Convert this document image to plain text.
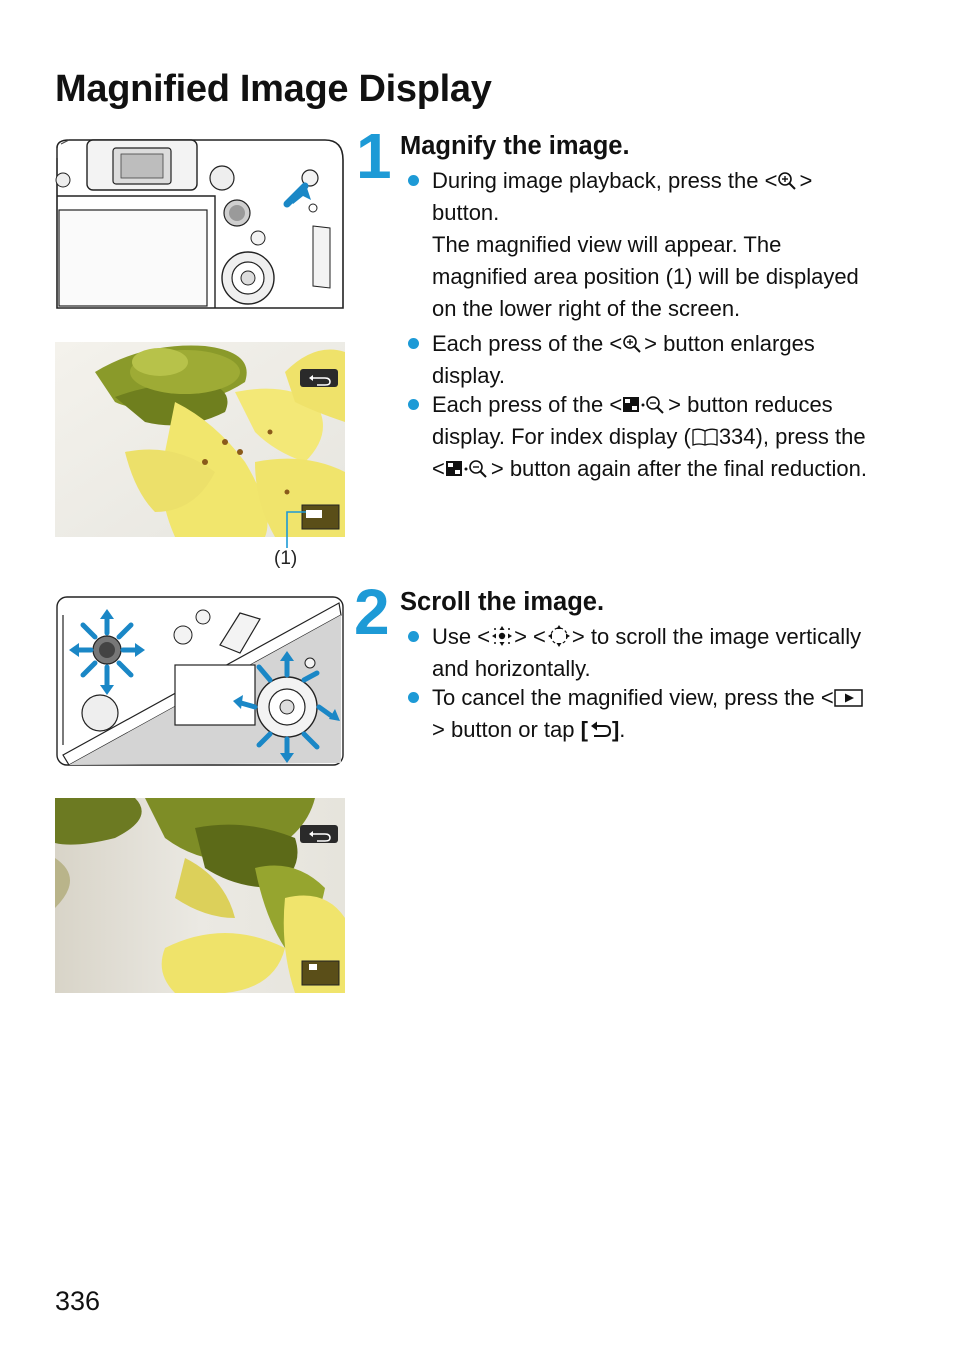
Magnified Image Display
(1)
1 Magnify the image.
During image playback, press the < > button.
The magnified view will appear. The magnified area position (1) will be displayed on the lower right of the screen.
Each press of the < > button enlarges display.
Each press of the < > button reduces display. For index display ( 334), press the < > button again after the final reduction.
2 Scroll the image.
Use < > < > to scroll the image vertically and horizontally.
To cancel the magnified view, press the <> button or tap [ ].
336
